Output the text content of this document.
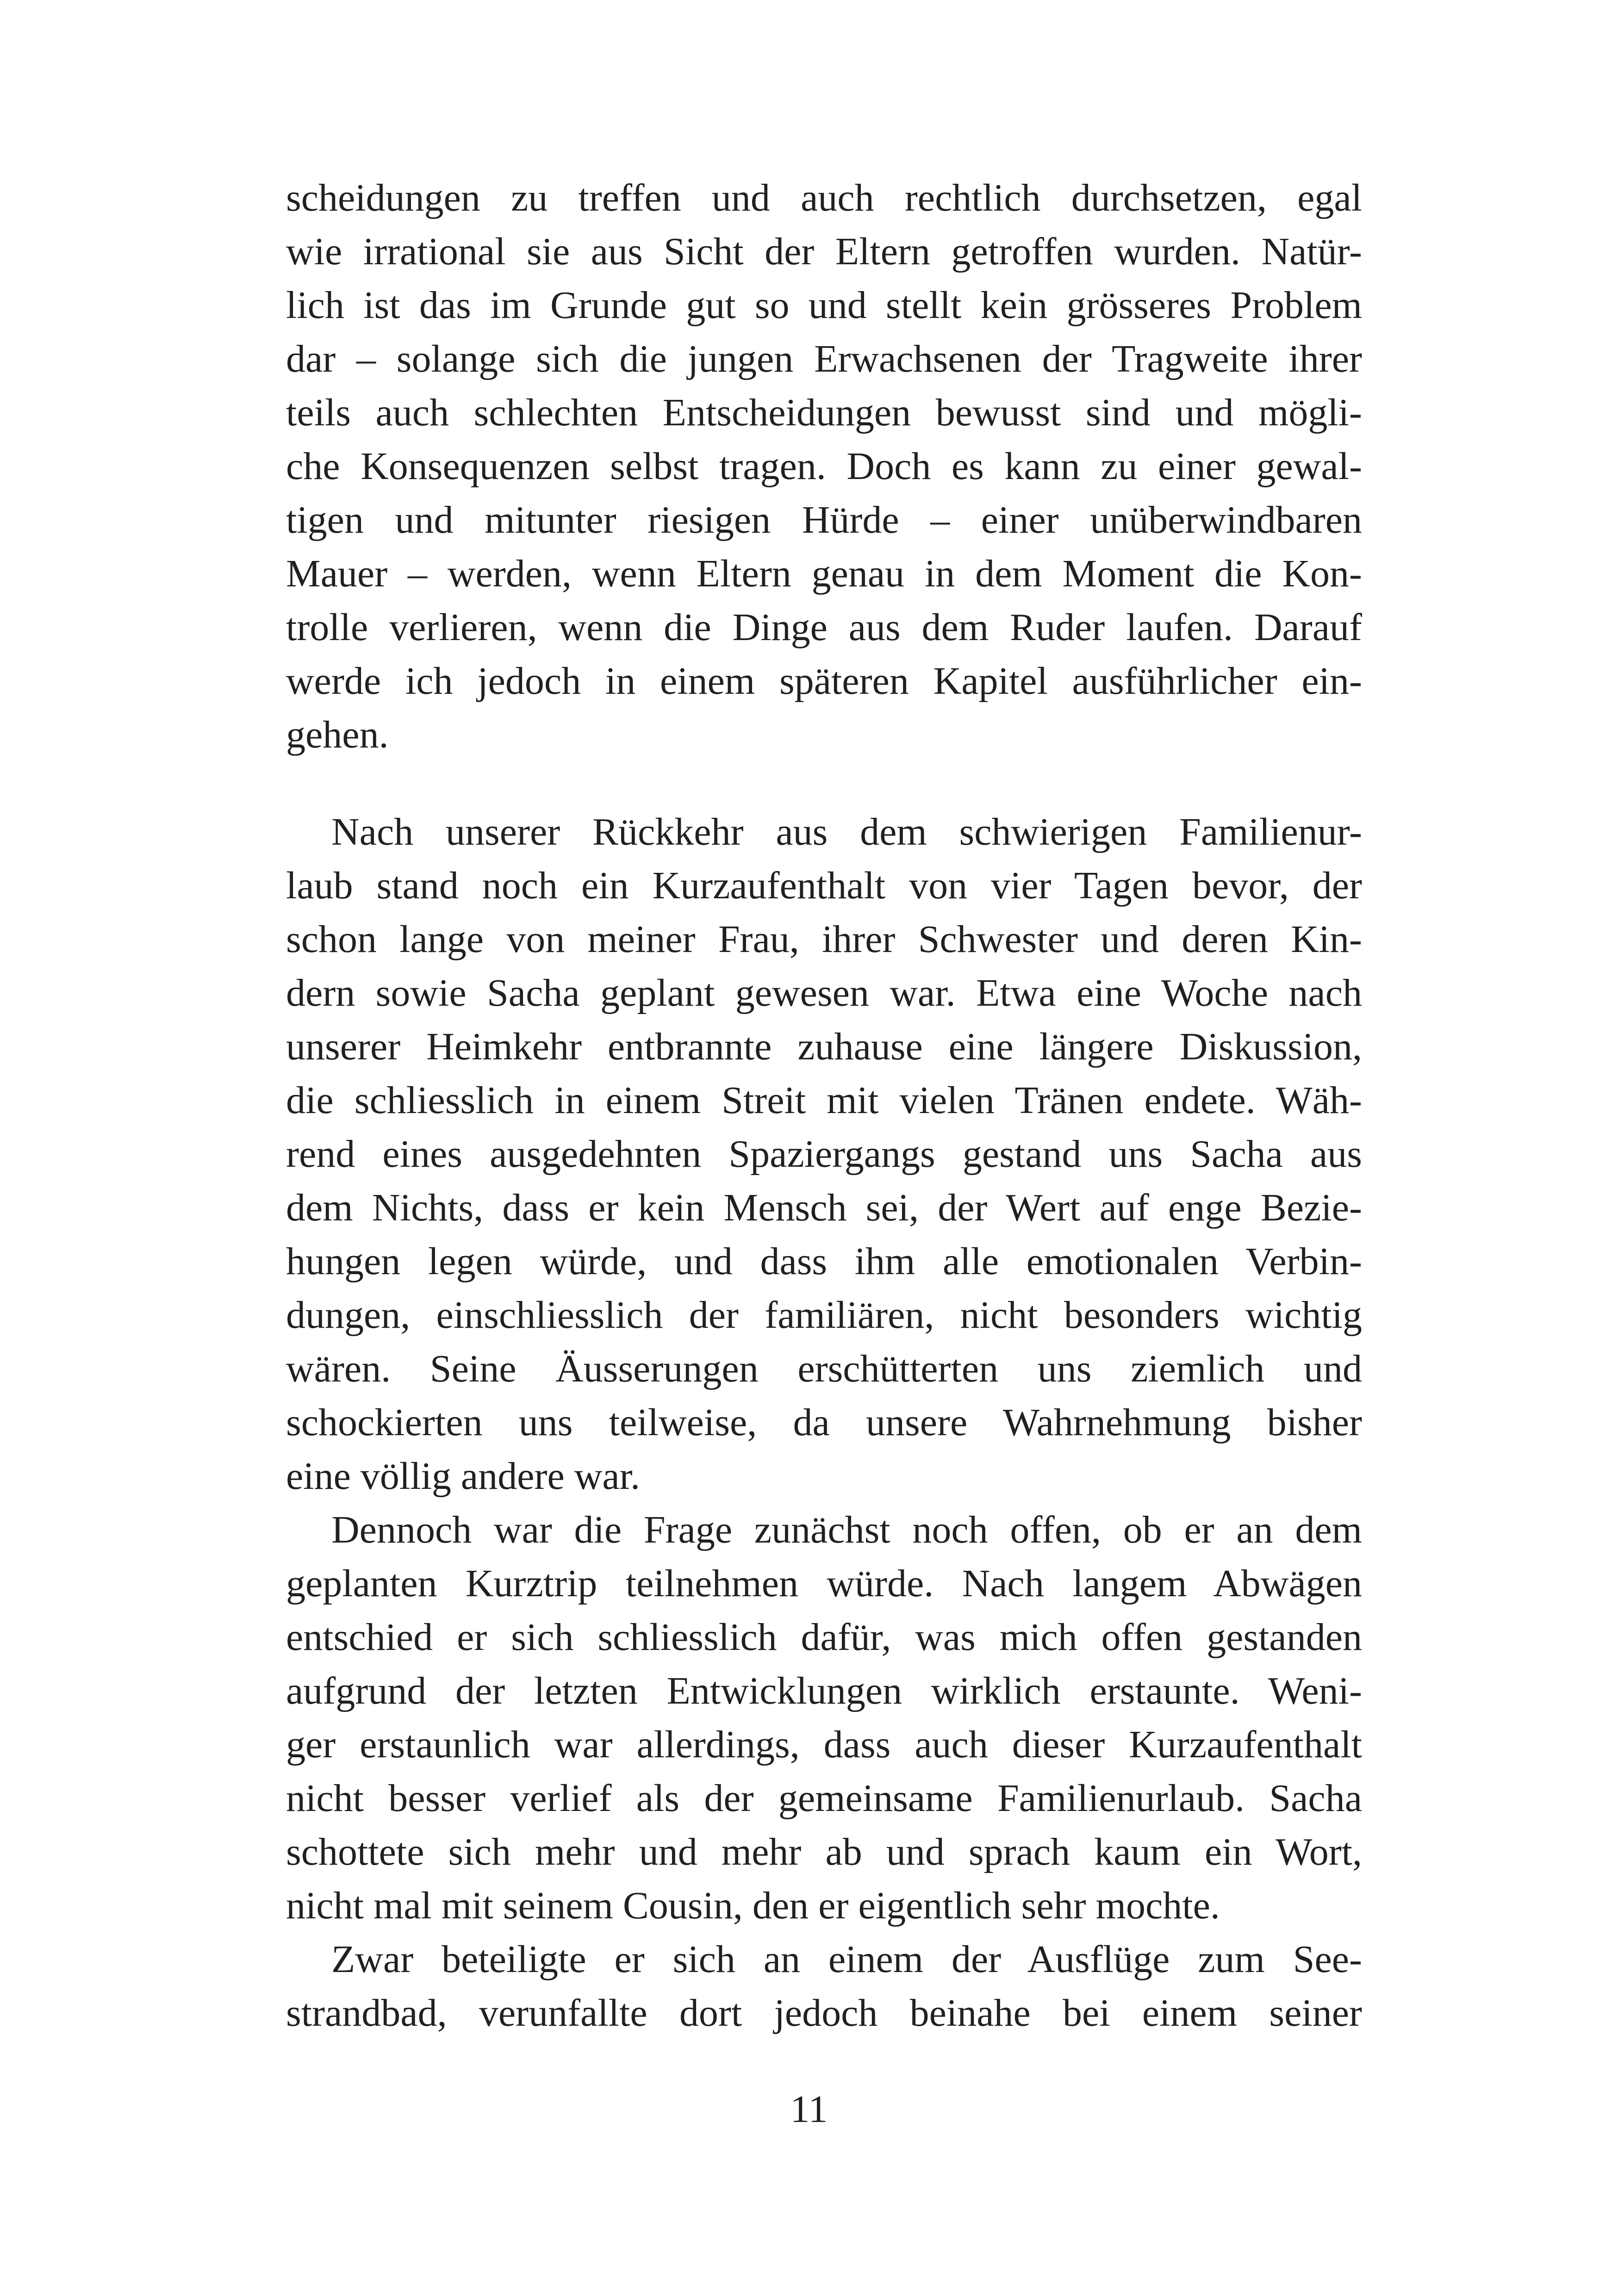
scheidungen zu treffen und auch rechtlich durchsetzen, egal
wie irrational sie aus Sicht der Eltern getroffen wurden. Natür-
lich ist das im Grunde gut so und stellt kein grösseres Problem
dar – solange sich die jungen Erwachsenen der Tragweite ihrer
teils auch schlechten Entscheidungen bewusst sind und mögli-
che Konsequenzen selbst tragen. Doch es kann zu einer gewal-
tigen und mitunter riesigen Hürde – einer unüberwindbaren
Mauer – werden, wenn Eltern genau in dem Moment die Kon-
trolle verlieren, wenn die Dinge aus dem Ruder laufen. Darauf
werde ich jedoch in einem späteren Kapitel ausführlicher ein-
gehen.
Nach unserer Rückkehr aus dem schwierigen Familienur-
laub stand noch ein Kurzaufenthalt von vier Tagen bevor, der
schon lange von meiner Frau, ihrer Schwester und deren Kin-
dern sowie Sacha geplant gewesen war. Etwa eine Woche nach
unserer Heimkehr entbrannte zuhause eine längere Diskussion,
die schliesslich in einem Streit mit vielen Tränen endete. Wäh-
rend eines ausgedehnten Spaziergangs gestand uns Sacha aus
dem Nichts, dass er kein Mensch sei, der Wert auf enge Bezie-
hungen legen würde, und dass ihm alle emotionalen Verbin-
dungen, einschliesslich der familiären, nicht besonders wichtig
wären. Seine Äusserungen erschütterten uns ziemlich und
schockierten uns teilweise, da unsere Wahrnehmung bisher
eine völlig andere war.
Dennoch war die Frage zunächst noch offen, ob er an dem
geplanten Kurztrip teilnehmen würde. Nach langem Abwägen
entschied er sich schliesslich dafür, was mich offen gestanden
aufgrund der letzten Entwicklungen wirklich erstaunte. Weni-
ger erstaunlich war allerdings, dass auch dieser Kurzaufenthalt
nicht besser verlief als der gemeinsame Familienurlaub. Sacha
schottete sich mehr und mehr ab und sprach kaum ein Wort,
nicht mal mit seinem Cousin, den er eigentlich sehr mochte.
Zwar beteiligte er sich an einem der Ausflüge zum See-
strandbad, verunfallte dort jedoch beinahe bei einem seiner
11
